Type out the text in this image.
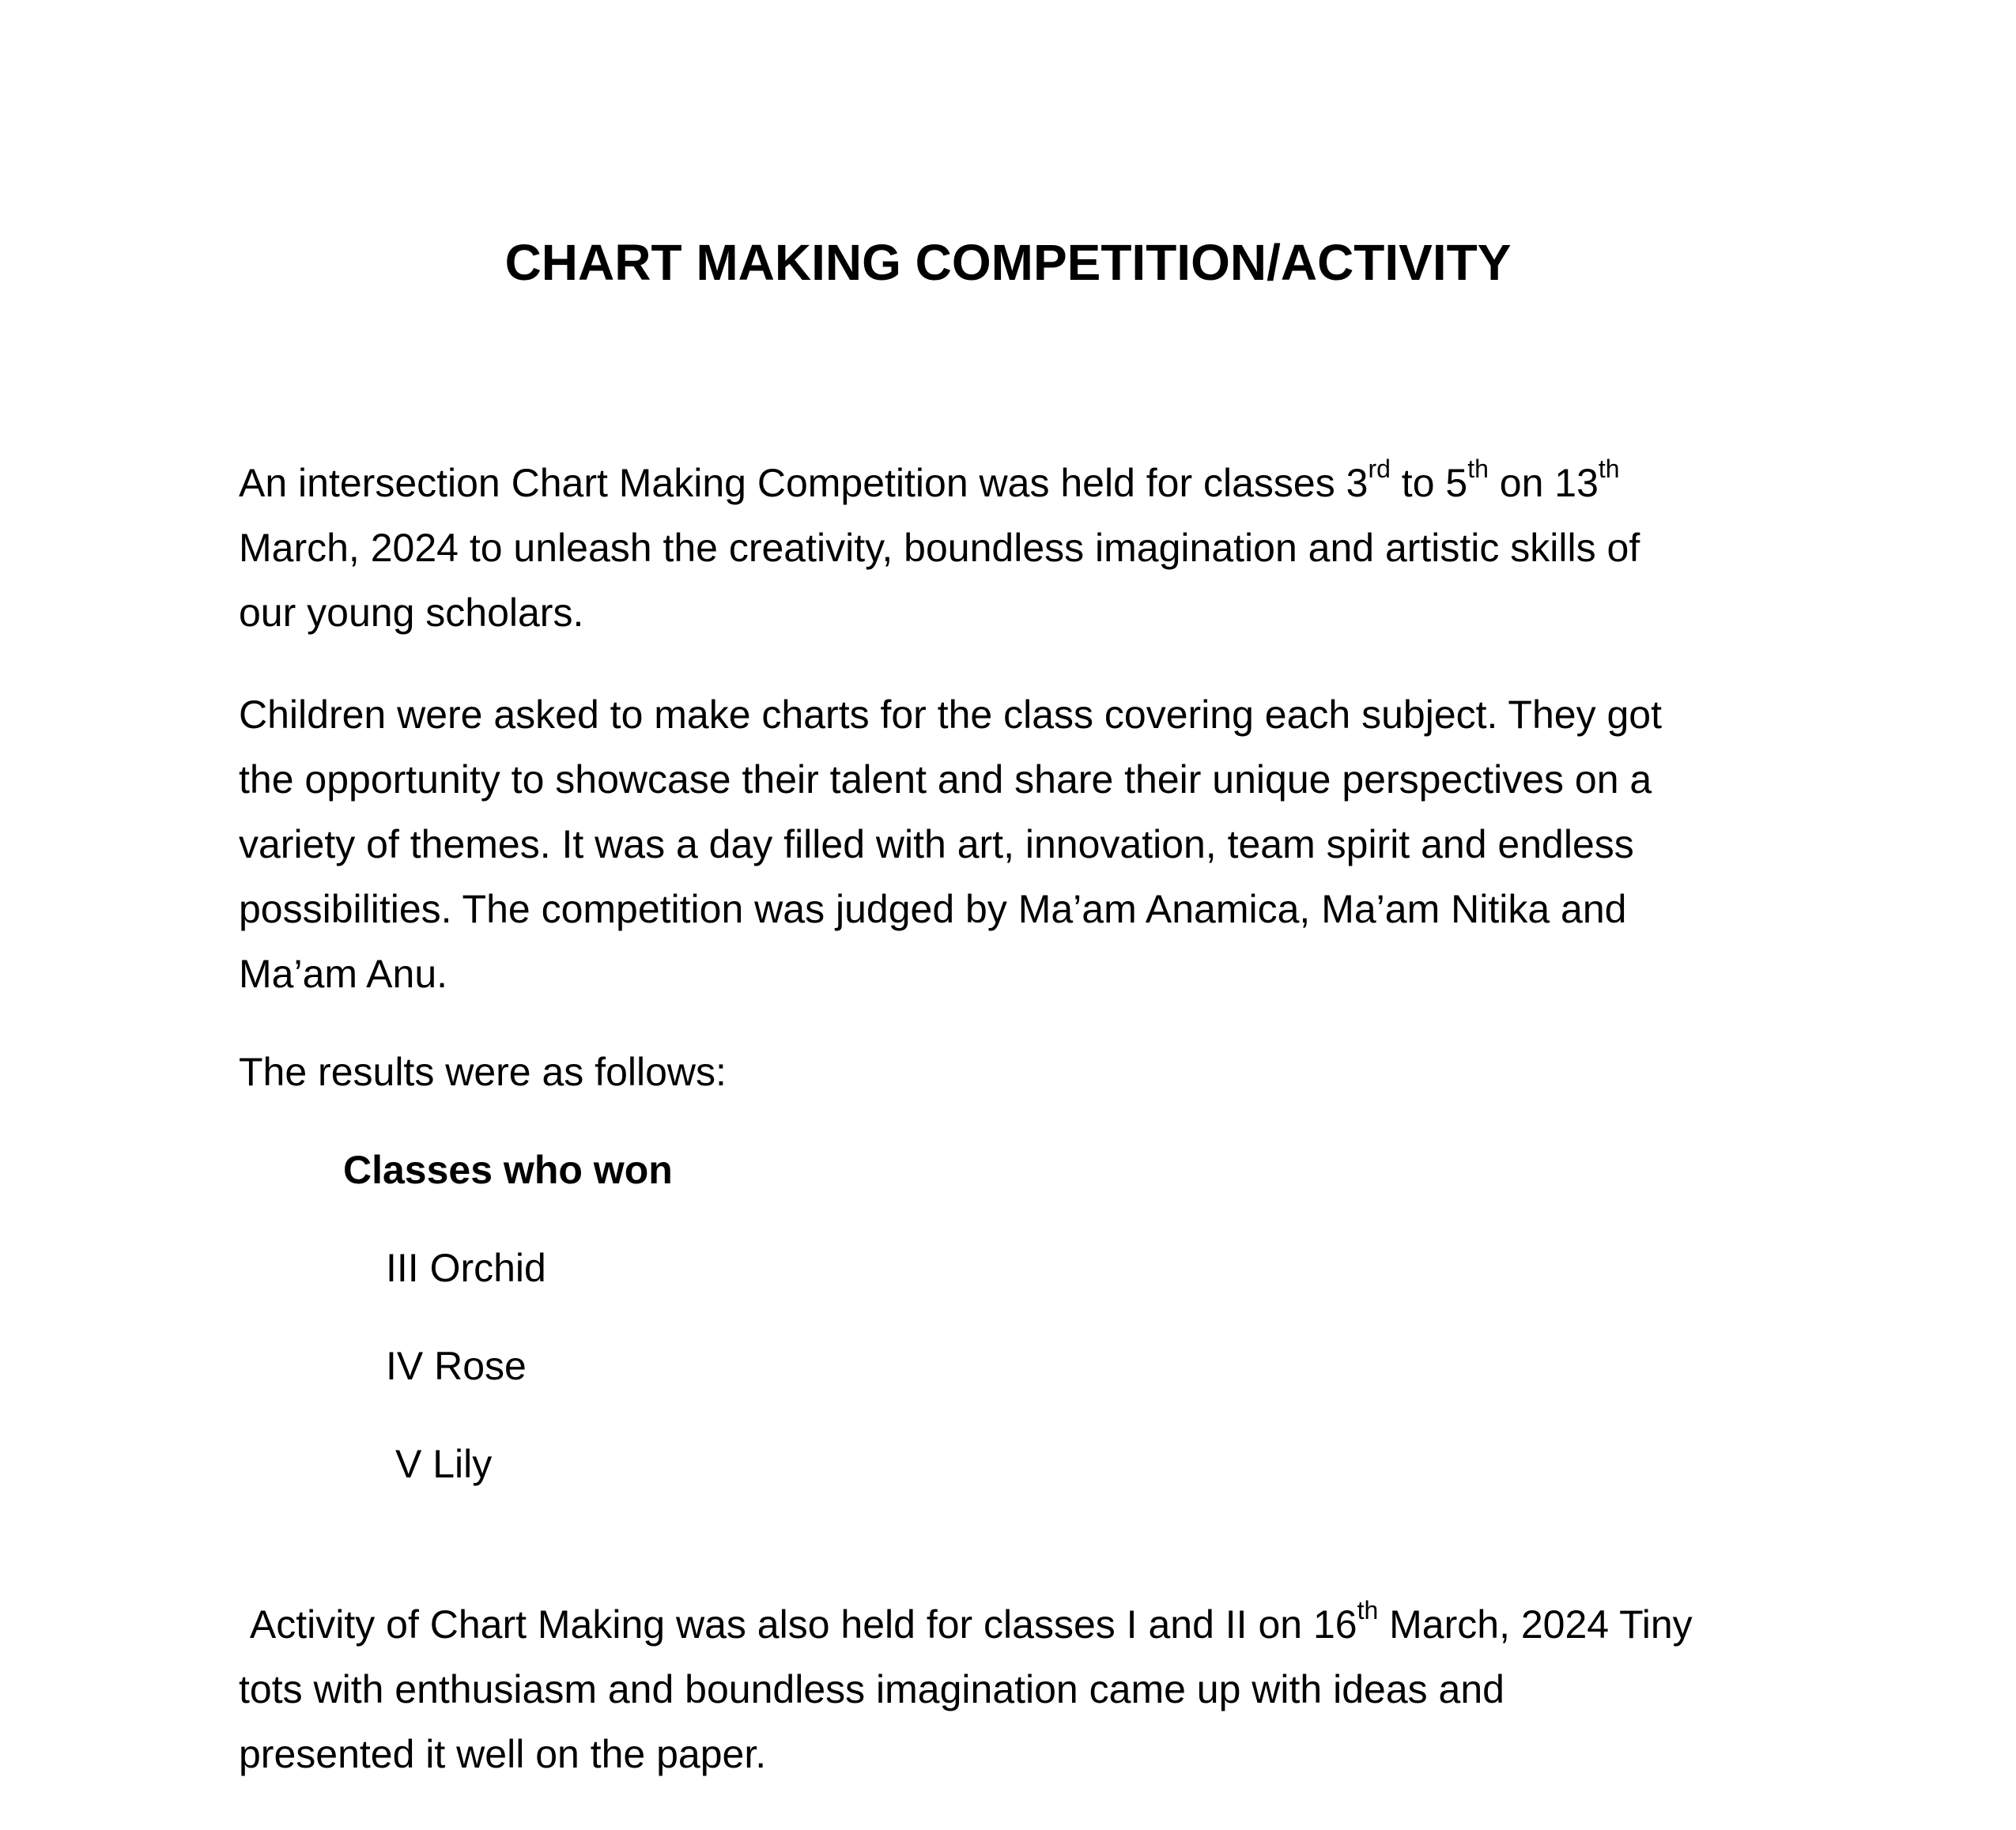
CHART MAKING COMPETITION/ACTIVITY

An intersection Chart Making Competition was held for classes 3rd to 5th on 13th
March, 2024 to unleash the creativity, boundless imagination and artistic skills of
our young scholars.

Children were asked to make charts for the class covering each subject. They got
the opportunity to showcase their talent and share their unique perspectives on a
variety of themes. It was a day filled with art, innovation, team spirit and endless
possibilities. The competition was judged by Ma’am Anamica, Ma’am Nitika and
Ma’am Anu.

The results were as follows:

Classes who won

III Orchid
IV Rose
V Lily

Activity of Chart Making was also held for classes I and II on 16th March, 2024 Tiny
tots with enthusiasm and boundless imagination came up with ideas and
presented it well on the paper.
